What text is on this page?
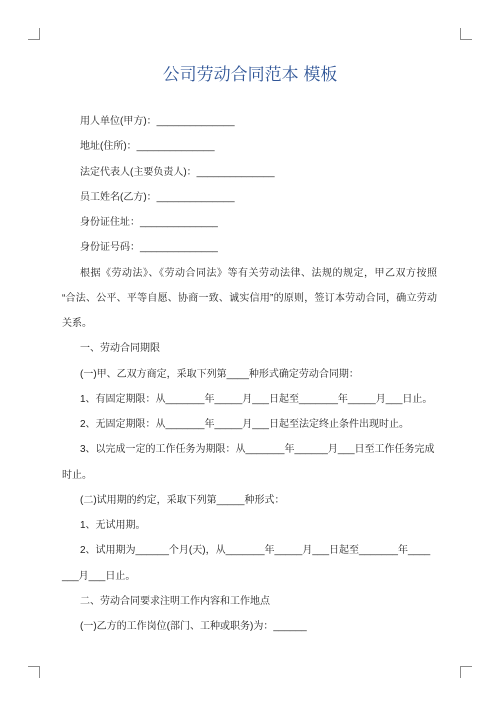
公司劳动合同范本 模板
用人单位(甲方)：______________
地址(住所)：______________
法定代表人(主要负责人)：______________
员工姓名(乙方)：______________
身份证住址：______________
身份证号码：______________
根据《劳动法》、《劳动合同法》等有关劳动法律、法规的规定，甲乙双方按照
“合法、公平、平等自愿、协商一致、诚实信用”的原则，签订本劳动合同，确立劳动
关系。
一、劳动合同期限
(一)甲、乙双方商定，采取下列第____种形式确定劳动合同期：
1、有固定期限：从_______年_____月___日起至_______年_____月___日止。
2、无固定期限：从_______年_____月___日起至法定终止条件出现时止。
3、以完成一定的工作任务为期限：从_______年______月___日至工作任务完成
时止。
(二)试用期的约定，采取下列第_____种形式：
1、无试用期。
2、试用期为______个月(天)，从_______年_____月___日起至_______年____
___月___日止。
二、劳动合同要求注明工作内容和工作地点
(一)乙方的工作岗位(部门、工种或职务)为：______
